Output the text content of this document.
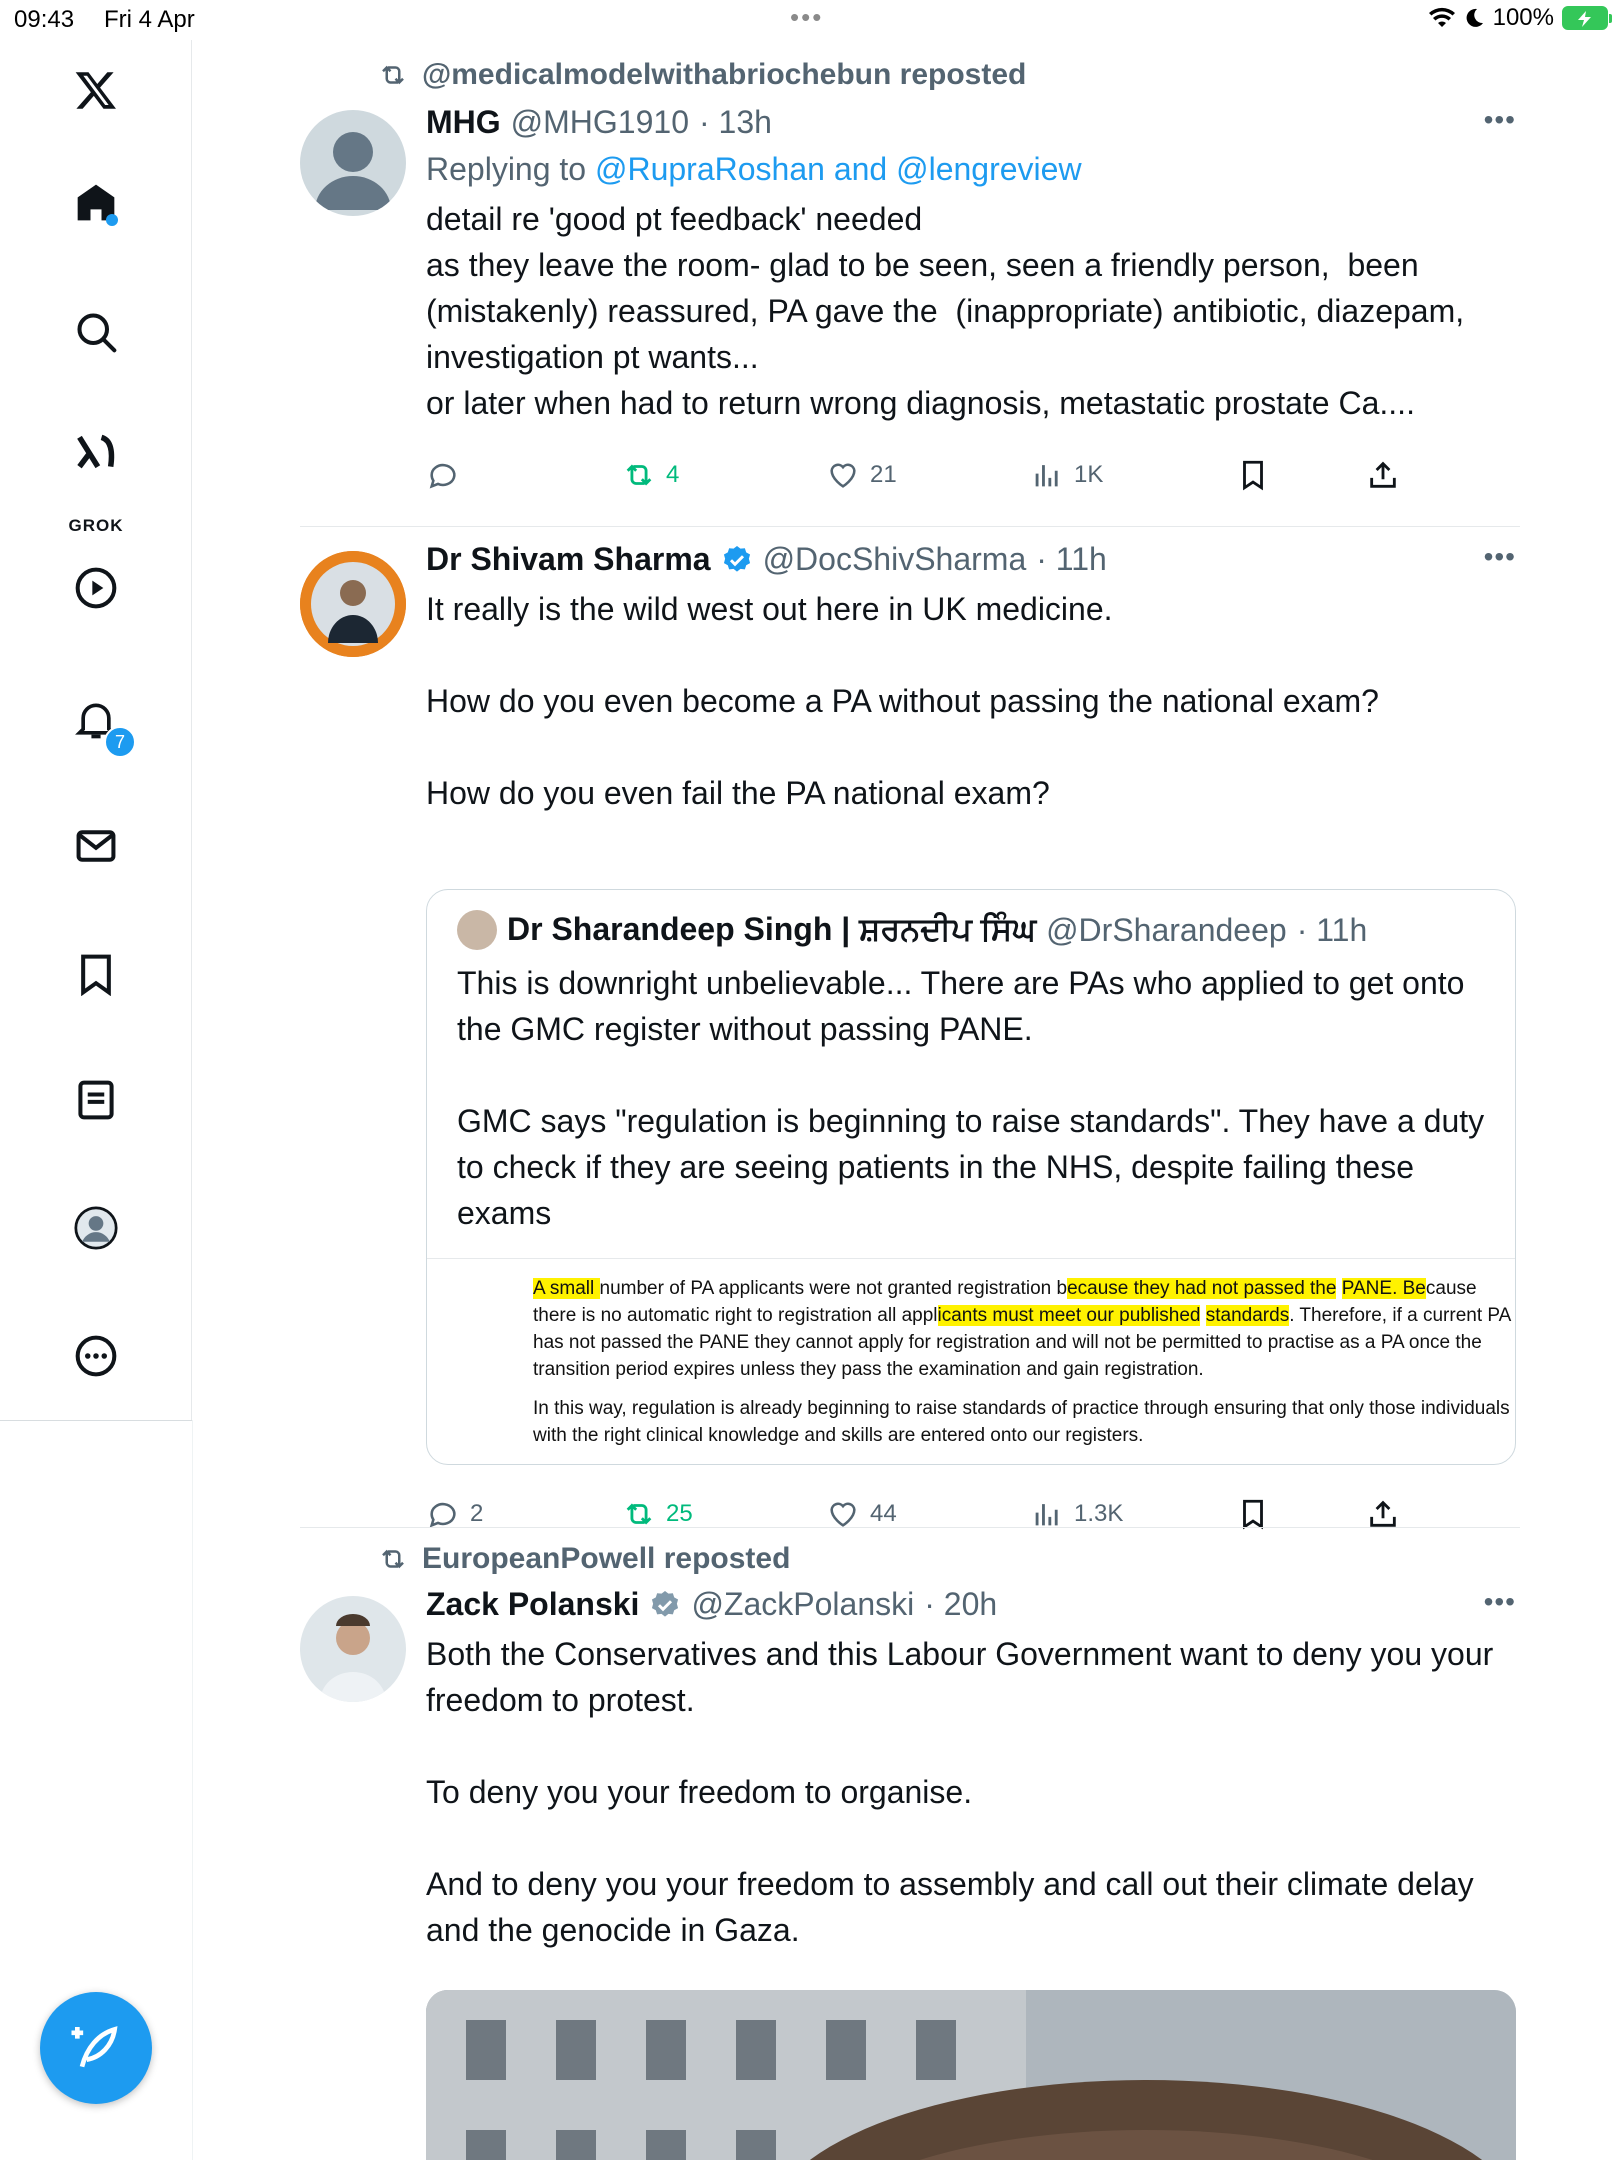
09:43 Fri 4 Apr	•••	100%
GROK
7
@medicalmodelwithabriochebun reposted
MHG @MHG1910 · 13h	•••
Replying to @RupraRoshan and @lengreview
detail re 'good pt feedback' needed
as they leave the room- glad to be seen, seen a friendly person,  been (mistakenly) reassured, PA gave the  (inappropriate) antibiotic, diazepam, investigation pt wants...
or later when had to return wrong diagnosis, metastatic prostate Ca....
4	21	1K
Dr Shivam Sharma @DocShivSharma · 11h	•••
It really is the wild west out here in UK medicine.

How do you even become a PA without passing the national exam?

How do you even fail the PA national exam?
Dr Sharandeep Singh | ਸ਼ਰਨਦੀਪ ਸਿੰਘ @DrSharandeep · 11h
This is downright unbelievable... There are PAs who applied to get onto the GMC register without passing PANE.

GMC says "regulation is beginning to raise standards". They have a duty to check if they are seeing patients in the NHS, despite failing these exams

A small number of PA applicants were not granted registration because they had not passed the PANE. Because there is no automatic right to registration all applicants must meet our published standards. Therefore, if a current PA has not passed the PANE they cannot apply for registration and will not be permitted to practise as a PA once the transition period expires unless they pass the examination and gain registration.

In this way, regulation is already beginning to raise standards of practice through ensuring that only those individuals with the right clinical knowledge and skills are entered onto our registers.

2	25	44	1.3K
EuropeanPowell reposted
Zack Polanski @ZackPolanski · 20h	•••
Both the Conservatives and this Labour Government want to deny you your freedom to protest.

To deny you your freedom to organise.

And to deny you your freedom to assembly and call out their climate delay and the genocide in Gaza.
